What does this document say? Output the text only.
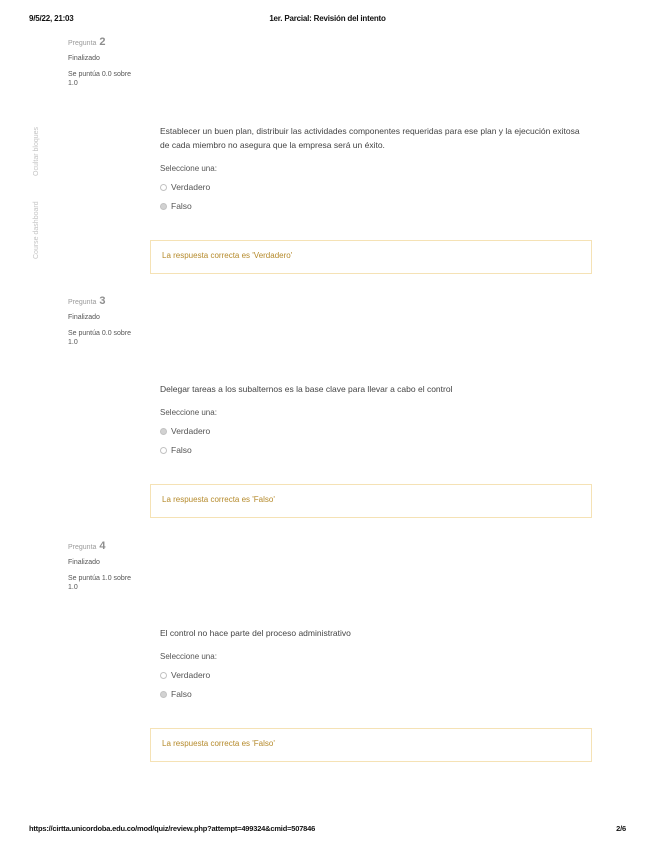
9/5/22, 21:03	1er. Parcial: Revisión del intento
Ocultar bloques
Course dashboard
Pregunta 2
Finalizado
Se puntúa 0.0 sobre 1.0
Establecer un buen plan, distribuir las actividades componentes requeridas para ese plan y la ejecución exitosa de cada miembro no asegura que la empresa será un éxito.
Seleccione una:
Verdadero
Falso
La respuesta correcta es 'Verdadero'
Pregunta 3
Finalizado
Se puntúa 0.0 sobre 1.0
Delegar tareas a los subalternos es la base clave para llevar a cabo el control
Seleccione una:
Verdadero
Falso
La respuesta correcta es 'Falso'
Pregunta 4
Finalizado
Se puntúa 1.0 sobre 1.0
El control no hace parte del proceso administrativo
Seleccione una:
Verdadero
Falso
La respuesta correcta es 'Falso'
https://cirtta.unicordoba.edu.co/mod/quiz/review.php?attempt=499324&cmid=507846	2/6
